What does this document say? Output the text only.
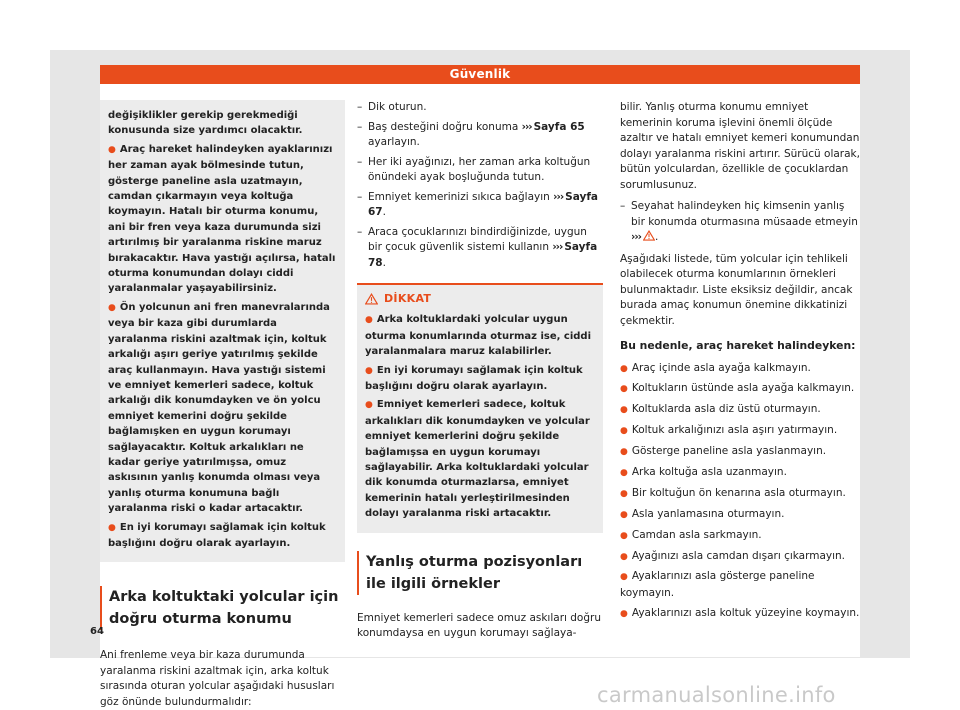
Güvenlik

değişiklikler gerekip gerekmediği konusunda size yardımcı olacaktır.

● Araç hareket halindeyken ayaklarınızı her zaman ayak bölmesinde tutun, gösterge paneline asla uzatmayın, camdan çıkarmayın veya koltuğa koymayın. Hatalı bir oturma konumu, ani bir fren veya kaza durumunda sizi artırılmış bir yaralanma riskine maruz bırakacaktır. Hava yastığı açılırsa, hatalı oturma konumundan dolayı ciddi yaralanmalar yaşayabilirsiniz.

● Ön yolcunun ani fren manevralarında veya bir kaza gibi durumlarda yaralanma riskini azaltmak için, koltuk arkalığı aşırı geriye yatırılmış şekilde araç kullanmayın. Hava yastığı sistemi ve emniyet kemerleri sadece, koltuk arkalığı dik konumdayken ve ön yolcu emniyet kemerini doğru şekilde bağlamışken en uygun korumayı sağlayacaktır. Koltuk arkalıkları ne kadar geriye yatırılmışsa, omuz askısının yanlış konumda olması veya yanlış oturma konumuna bağlı yaralanma riski o kadar artacaktır.

● En iyi korumayı sağlamak için koltuk başlığını doğru olarak ayarlayın.

Arka koltuktaki yolcular için doğru oturma konumu

Ani frenleme veya bir kaza durumunda yaralanma riskini azaltmak için, arka koltuk sırasında oturan yolcular aşağıdaki hususları göz önünde bulundurmalıdır:

64

– Dik oturun.

– Baş desteğini doğru konuma ››› Sayfa 65 ayarlayın.

– Her iki ayağınızı, her zaman arka koltuğun önündeki ayak boşluğunda tutun.

– Emniyet kemerinizi sıkıca bağlayın ››› Sayfa 67.

– Araca çocuklarınızı bindirdiğinizde, uygun bir çocuk güvenlik sistemi kullanın ››› Sayfa 78.

DİKKAT

● Arka koltuklardaki yolcular uygun oturma konumlarında oturmaz ise, ciddi yaralanmalara maruz kalabilirler.

● En iyi korumayı sağlamak için koltuk başlığını doğru olarak ayarlayın.

● Emniyet kemerleri sadece, koltuk arkalıkları dik konumdayken ve yolcular emniyet kemerlerini doğru şekilde bağlamışsa en uygun korumayı sağlayabilir. Arka koltuklardaki yolcular dik konumda oturmazlarsa, emniyet kemerinin hatalı yerleştirilmesinden dolayı yaralanma riski artacaktır.

Yanlış oturma pozisyonları ile ilgili örnekler

Emniyet kemerleri sadece omuz askıları doğru konumdaysa en uygun korumayı sağlaya-

bilir. Yanlış oturma konumu emniyet kemerinin koruma işlevini önemli ölçüde azaltır ve hatalı emniyet kemeri konumundan dolayı yaralanma riskini artırır. Sürücü olarak, bütün yolculardan, özellikle de çocuklardan sorumlusunuz.

– Seyahat halindeyken hiç kimsenin yanlış bir konumda oturmasına müsaade etmeyin ››› .

Aşağıdaki listede, tüm yolcular için tehlikeli olabilecek oturma konumlarının örnekleri bulunmaktadır. Liste eksiksiz değildir, ancak burada amaç konumun önemine dikkatinizi çekmektir.

Bu nedenle, araç hareket halindeyken:

● Araç içinde asla ayağa kalkmayın.

● Koltukların üstünde asla ayağa kalkmayın.

● Koltuklarda asla diz üstü oturmayın.

● Koltuk arkalığınızı asla aşırı yatırmayın.

● Gösterge paneline asla yaslanmayın.

● Arka koltuğa asla uzanmayın.

● Bir koltuğun ön kenarına asla oturmayın.

● Asla yanlamasına oturmayın.

● Camdan asla sarkmayın.

● Ayağınızı asla camdan dışarı çıkarmayın.

● Ayaklarınızı asla gösterge paneline koymayın.

● Ayaklarınızı asla koltuk yüzeyine koymayın.

carmanualsonline.info
